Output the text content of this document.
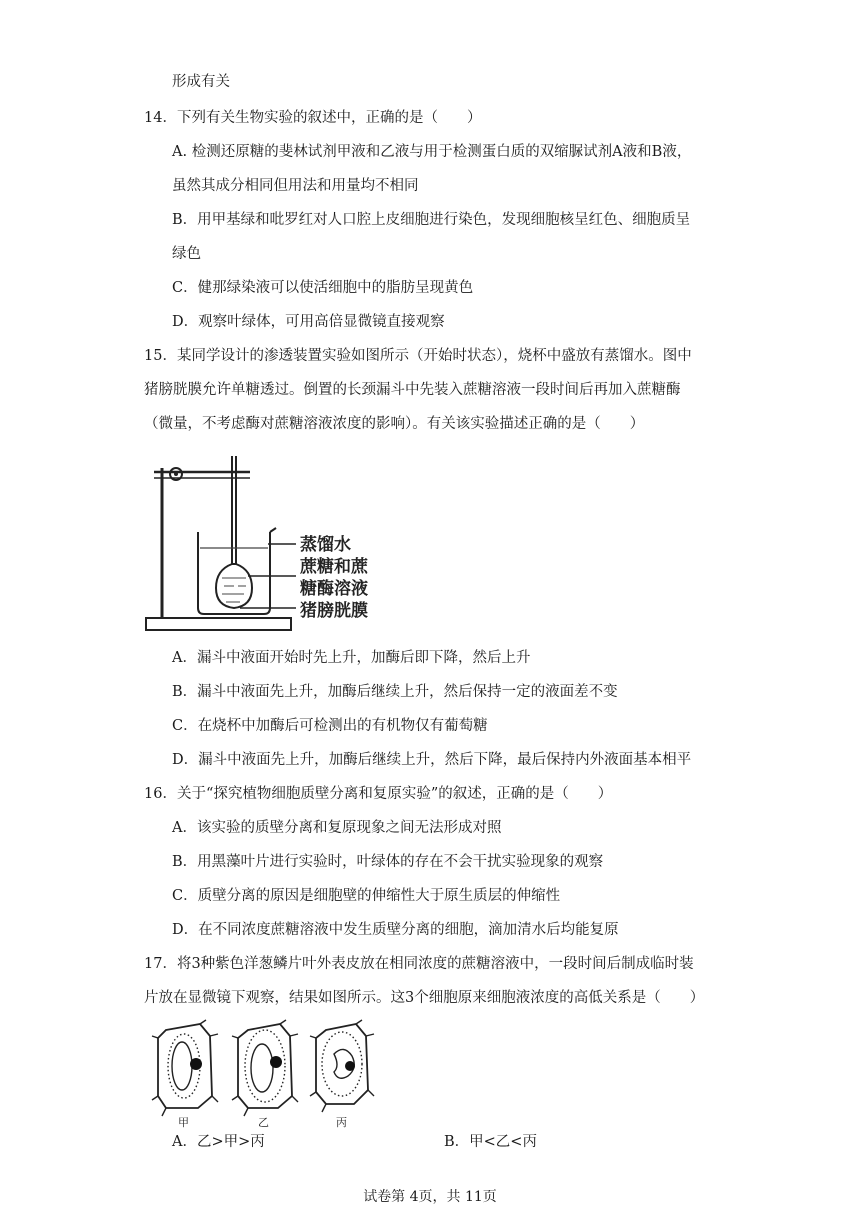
形成有关
14．下列有关生物实验的叙述中，正确的是（　　）
A. 检测还原糖的斐林试剂甲液和乙液与用于检测蛋白质的双缩脲试剂A液和B液，
虽然其成分相同但用法和用量均不相同
B．用甲基绿和吡罗红对人口腔上皮细胞进行染色，发现细胞核呈红色、细胞质呈
绿色
C．健那绿染液可以使活细胞中的脂肪呈现黄色
D．观察叶绿体，可用高倍显微镜直接观察
15．某同学设计的渗透装置实验如图所示（开始时状态），烧杯中盛放有蒸馏水。图中
猪膀胱膜允许单糖透过。倒置的长颈漏斗中先装入蔗糖溶液一段时间后再加入蔗糖酶
（微量，不考虑酶对蔗糖溶液浓度的影响）。有关该实验描述正确的是（　　）
蒸馏水
蔗糖和蔗
糖酶溶液
猪膀胱膜
A．漏斗中液面开始时先上升，加酶后即下降，然后上升
B．漏斗中液面先上升，加酶后继续上升，然后保持一定的液面差不变
C．在烧杯中加酶后可检测出的有机物仅有葡萄糖
D．漏斗中液面先上升，加酶后继续上升，然后下降，最后保持内外液面基本相平
16．关于“探究植物细胞质壁分离和复原实验”的叙述，正确的是（　　）
A．该实验的质壁分离和复原现象之间无法形成对照
B．用黑藻叶片进行实验时，叶绿体的存在不会干扰实验现象的观察
C．质壁分离的原因是细胞壁的伸缩性大于原生质层的伸缩性
D．在不同浓度蔗糖溶液中发生质壁分离的细胞，滴加清水后均能复原
17．将3种紫色洋葱鳞片叶外表皮放在相同浓度的蔗糖溶液中，一段时间后制成临时装
片放在显微镜下观察，结果如图所示。这3个细胞原来细胞液浓度的高低关系是（　　）
甲	乙	丙
A．乙>甲>丙	B．甲<乙<丙
试卷第 4页，共 11页
